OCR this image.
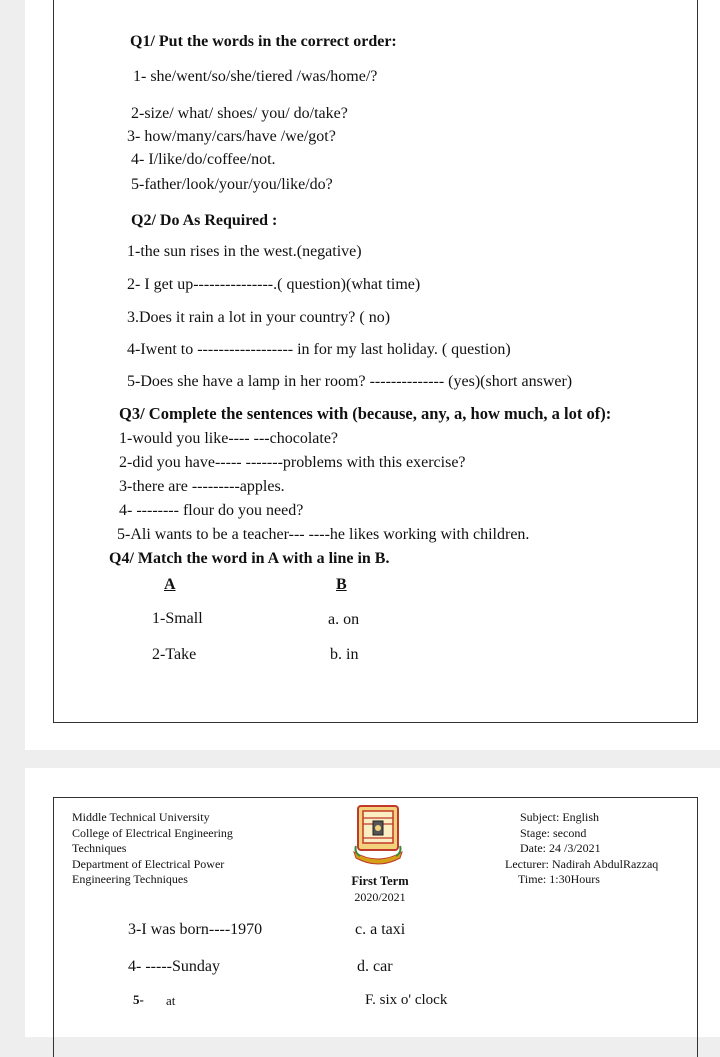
Q1/ Put the words in the correct order:
1- she/went/so/she/tiered /was/home/?
2-size/ what/ shoes/ you/ do/take?
3- how/many/cars/have /we/got?
4- I/like/do/coffee/not.
5-father/look/your/you/like/do?
Q2/ Do As Required :
1-the sun rises in the west.(negative)
2- I get up---------------.( question)(what time)
3.Does it rain a lot in your country? ( no)
4-Iwent to ------------------ in for my last holiday. ( question)
5-Does she have a lamp in her room? -------------- (yes)(short answer)
Q3/ Complete the sentences with (because, any, a, how much, a lot of):
1-would you like---- ---chocolate?
2-did you have----- -------problems with this exercise?
3-there are ---------apples.
4- -------- flour do you need?
5-Ali wants to be a teacher--- ----he likes working with children.
Q4/ Match the word in A with a line in B.
A	B
1-Small	a. on
2-Take	b. in
Middle Technical University
College of Electrical Engineering
Techniques
Department of Electrical Power
Engineering Techniques	First Term
2020/2021
Subject: English
Stage: second
Date: 24 /3/2021
Lecturer: Nadirah AbdulRazzaq
Time: 1:30Hours
3-I was born----1970	c. a taxi
4- -----Sunday	d. car
5- at	F. six o' clock
